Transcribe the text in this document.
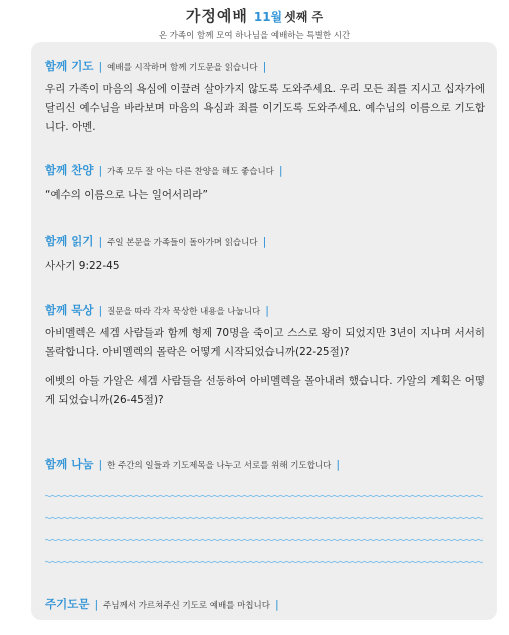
가정예배 11월 셋째 주
온 가족이 함께 모여 하나님을 예배하는 특별한 시간
함께 기도 | 예배를 시작하며 함께 기도문을 읽습니다 |
우리 가족이 마음의 욕심에 이끌려 살아가지 않도록 도와주세요. 우리 모든 죄를 지시고 십자가에 달리신 예수님을 바라보며 마음의 욕심과 죄를 이기도록 도와주세요. 예수님의 이름으로 기도합니다. 아멘.
함께 찬양 | 가족 모두 잘 아는 다른 찬양을 해도 좋습니다 |
“예수의 이름으로 나는 일어서리라”
함께 읽기 | 주일 본문을 가족들이 돌아가며 읽습니다 |
사사기 9:22-45
함께 묵상 | 질문을 따라 각자 묵상한 내용을 나눕니다 |
아비멜렉은 세겜 사람들과 함께 형제 70명을 죽이고 스스로 왕이 되었지만 3년이 지나며 서서히 몰락합니다. 아비멜렉의 몰락은 어떻게 시작되었습니까(22-25절)?
에벳의 아들 가알은 세겜 사람들을 선동하여 아비멜렉을 몰아내려 했습니다. 가알의 계획은 어떻게 되었습니까(26-45절)?
함께 나눔 | 한 주간의 일들과 기도제목을 나누고 서로를 위해 기도합니다 |
주기도문 | 주님께서 가르쳐주신 기도로 예배를 마칩니다 |
